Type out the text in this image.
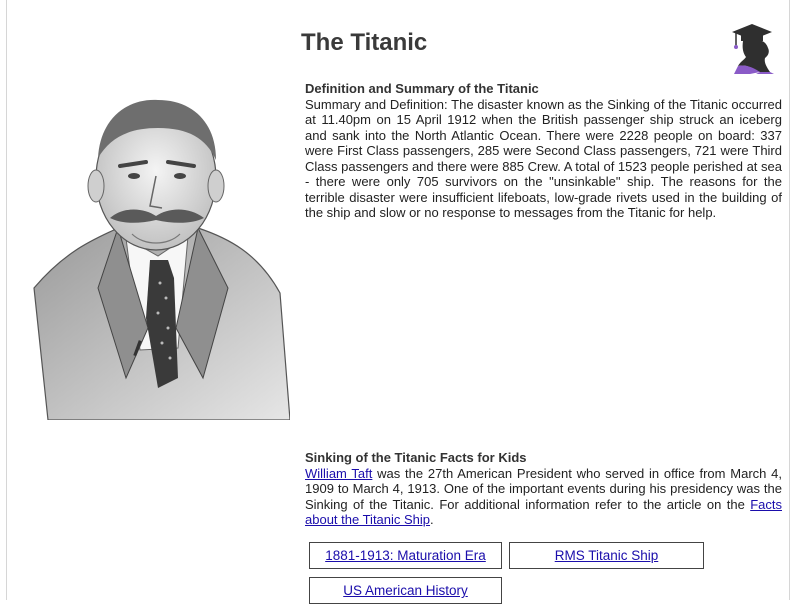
The Titanic
Definition and Summary of the Titanic

Summary and Definition: The disaster known as the Sinking of the Titanic occurred at 11.40pm on 15 April 1912 when the British passenger ship struck an iceberg and sank into the North Atlantic Ocean. There were 2228 people on board: 337 were First Class passengers, 285 were Second Class passengers, 721 were Third Class passengers and there were 885 Crew. A total of 1523 people perished at sea - there were only 705 survivors on the "unsinkable" ship. The reasons for the terrible disaster were insufficient lifeboats, low-grade rivets used in the building of the ship and slow or no response to messages from the Titanic for help.

Sinking of the Titanic Facts for Kids

William Taft was the 27th American President who served in office from March 4, 1909 to March 4, 1913. One of the important events during his presidency was the Sinking of the Titanic. For additional information refer to the article on the Facts about the Titanic Ship.

1881-1913: Maturation Era	RMS Titanic Ship
US American History
